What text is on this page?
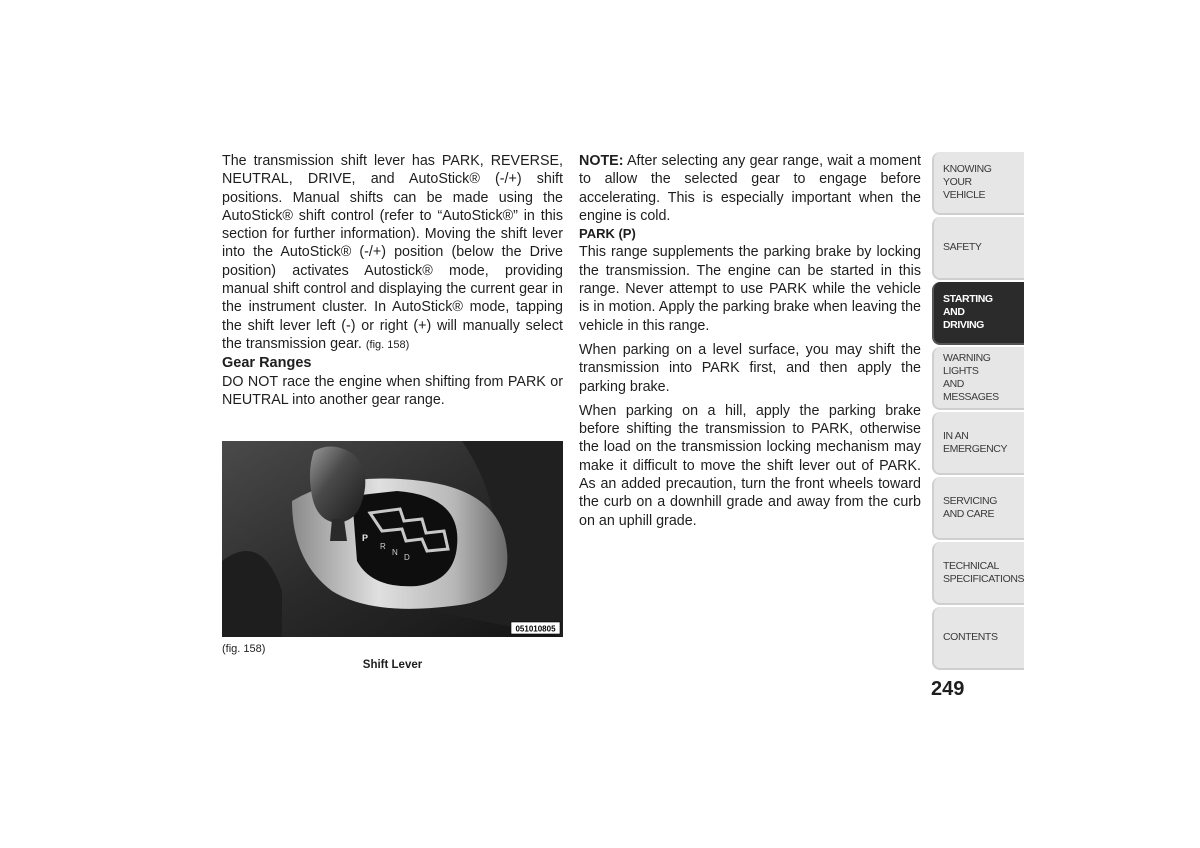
The transmission shift lever has PARK, REVERSE, NEUTRAL, DRIVE, and AutoStick® (-/+) shift positions. Manual shifts can be made using the AutoStick® shift control (refer to “AutoStick®” in this section for further information). Moving the shift lever into the AutoStick® (-/+) position (below the Drive position) activates Autostick® mode, providing manual shift control and displaying the current gear in the instrument cluster. In AutoStick® mode, tapping the shift lever left (-) or right (+) will manually select the transmission gear. (fig. 158)

Gear Ranges

DO NOT race the engine when shifting from PARK or NEUTRAL into another gear range.

P
R
N
D
051010805
(fig. 158)
Shift Lever

NOTE: After selecting any gear range, wait a moment to allow the selected gear to engage before accelerating. This is especially important when the engine is cold.

PARK (P)

This range supplements the parking brake by locking the transmission. The engine can be started in this range. Never attempt to use PARK while the vehicle is in motion. Apply the parking brake when leaving the vehicle in this range.

When parking on a level surface, you may shift the transmission into PARK first, and then apply the parking brake.

When parking on a hill, apply the parking brake before shifting the transmission to PARK, otherwise the load on the transmission locking mechanism may make it difficult to move the shift lever out of PARK. As an added precaution, turn the front wheels toward the curb on a downhill grade and away from the curb on an uphill grade.

KNOWING
YOUR
VEHICLE
SAFETY
STARTING
AND
DRIVING
WARNING
LIGHTS
AND
MESSAGES
IN AN
EMERGENCY
SERVICING
AND CARE
TECHNICAL
SPECIFICATIONS
CONTENTS
249
